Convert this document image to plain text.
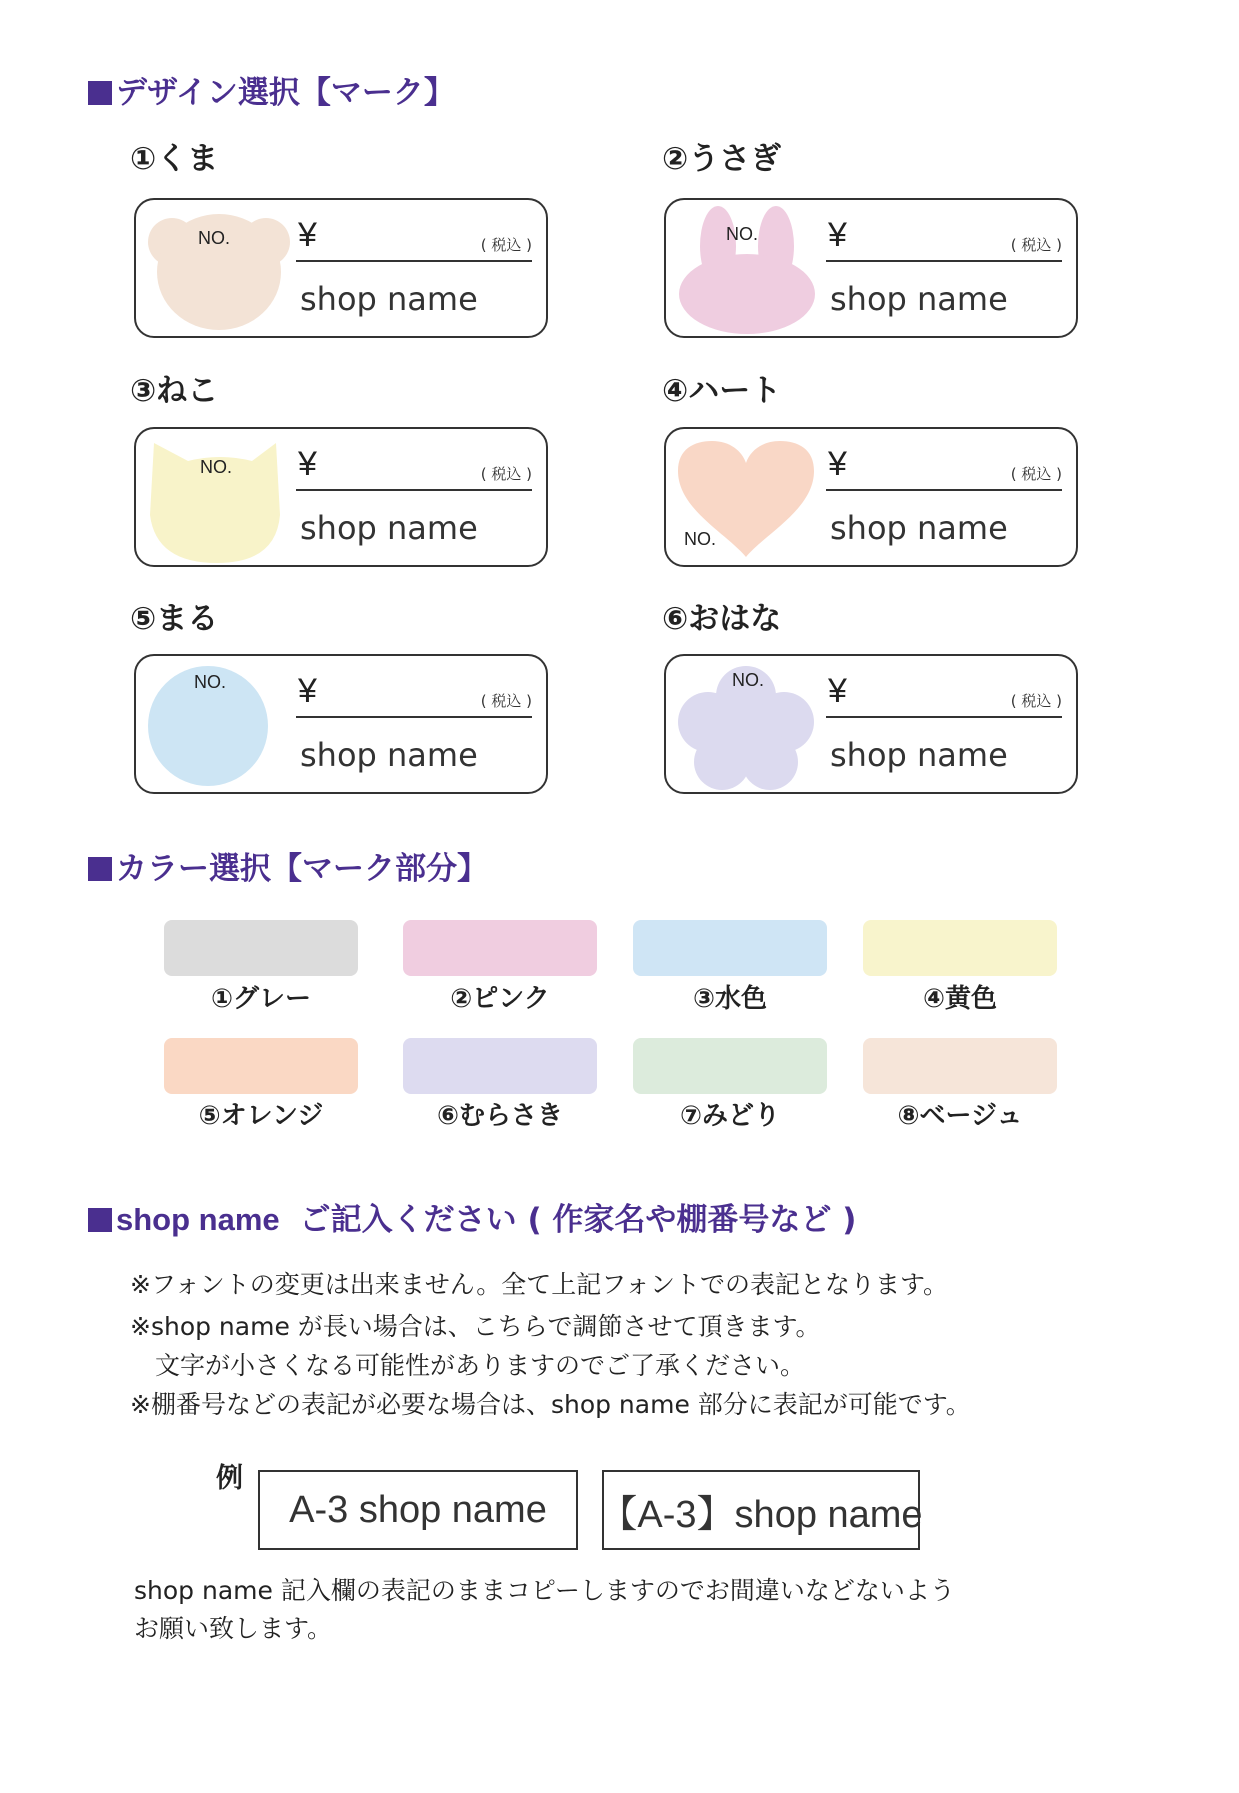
デザイン選択【マーク】
①くま	②うさぎ
③ねこ	④ハート
⑤まる	⑥おはな
NO. ¥	( 税込 )
shop name
NO. ¥	( 税込 )
shop name
NO. ¥	( 税込 )
shop name	NO.
¥	( 税込 )
shop name
NO. ¥	( 税込 )
shop name
NO. ¥	( 税込 )
shop name
カラー選択【マーク部分】
①グレー	②ピンク	③水色	④黄色
⑤オレンジ	⑥むらさき	⑦みどり	⑧ベージュ
shop name ご記入ください ( 作家名や棚番号など )
※フォントの変更は出来ません。全て上記フォントでの表記となります。
※shop name が長い場合は、こちらで調節させて頂きます。
　文字が小さくなる可能性がありますのでご了承ください。
※棚番号などの表記が必要な場合は、shop name 部分に表記が可能です。
例
A-3 shop name	【A-3】shop name
shop name 記入欄の表記のままコピーしますのでお間違いなどないよう
お願い致します。
